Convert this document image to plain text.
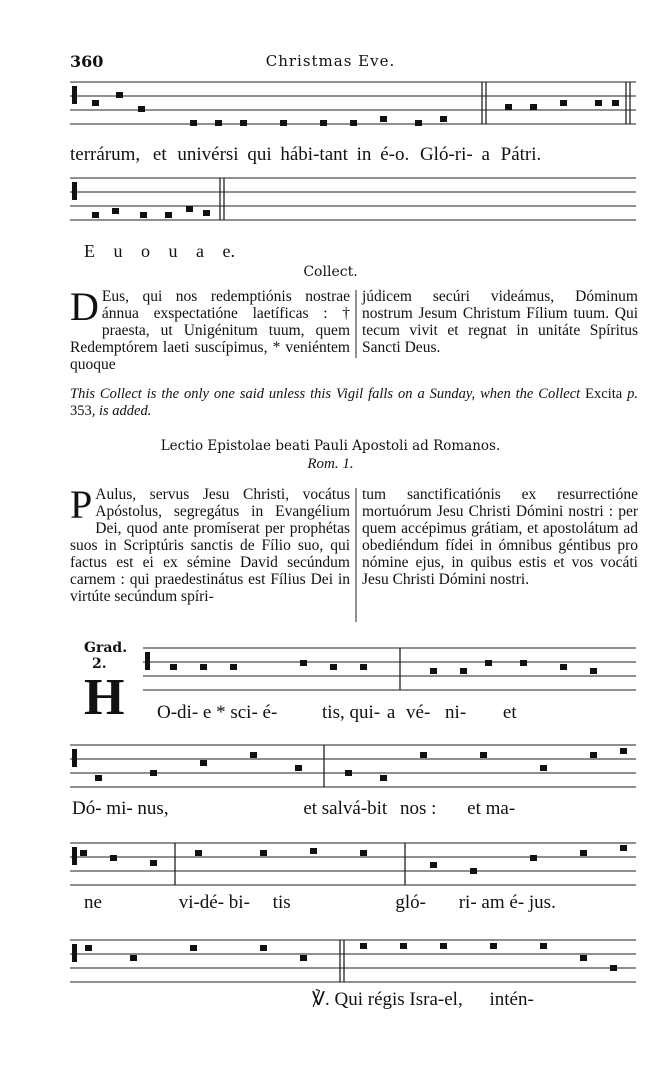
360	Christmas Eve.
terrárum, et univérsi qui hábi-tant in é-o. Gló-ri- a Pátri.
E u o u a e.
Collect.
D Eus, qui nos redemptiónis nostrae ánnua exspectatióne laetíficas : † praesta, ut Unigénitum tuum, quem Redemptórem laeti suscípimus, * veniéntem quoque
júdicem secúri videámus, Dóminum nostrum Jesum Christum Fílium tuum. Qui tecum vivit et regnat in unitáte Spíritus Sancti Deus.
This Collect is the only one said unless this Vigil falls on a Sunday, when the Collect Excita p. 353, is added.
Lectio Epistolae beati Pauli Apostoli ad Romanos.
Rom. 1.
P Aulus, servus Jesu Christi, vocátus Apóstolus, segregátus in Evangélium Dei, quod ante promíserat per prophétas suos in Scriptúris sanctis de Fílio suo, qui factus est ei ex sémine David secúndum carnem : qui praedestinátus est Fílius Dei in virtúte secúndum spíri-
tum sanctificatiónis ex resurrectióne mortuórum Jesu Christi Dómini nostri : per quem accépimus grátiam, et apostolátum ad obediéndum fídei in ómnibus géntibus pro nómine ejus, in quibus estis et vos vocáti Jesu Christi Dómini nostri.
Grad.
2.
H O-di- e * sci- é- tis, qui- a vé- ni- et
Dó- mi- nus,	et salvá-bit nos : et ma-
ne	vi-dé- bi- tis	gló- ri- am é- jus.
℣. Qui régis Isra-el, intén-
